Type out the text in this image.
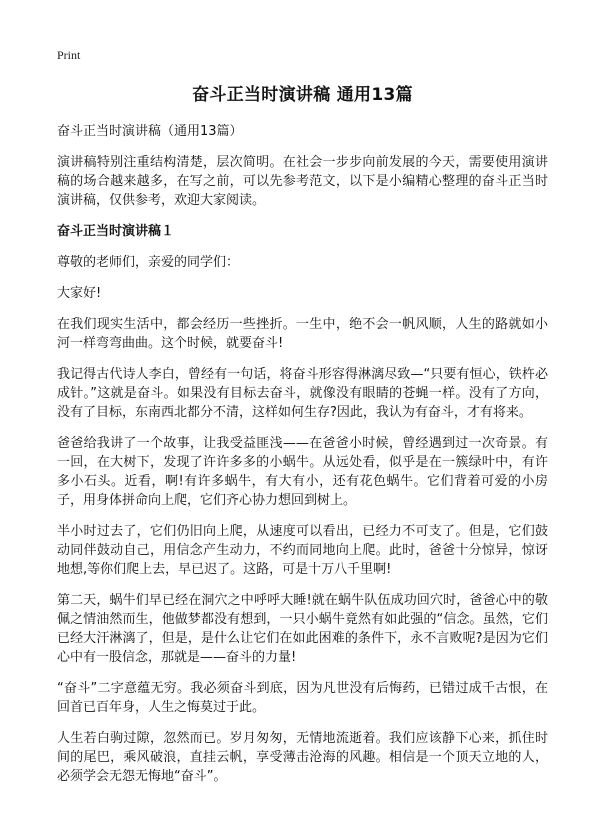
Print
奋斗正当时演讲稿 通用13篇

奋斗正当时演讲稿（通用13篇）

演讲稿特别注重结构清楚，层次简明。在社会一步步向前发展的今天，需要使用演讲稿的场合越来越多，在写之前，可以先参考范文，以下是小编精心整理的奋斗正当时演讲稿，仅供参考，欢迎大家阅读。

奋斗正当时演讲稿１

尊敬的老师们，亲爱的同学们：

大家好!

在我们现实生活中，都会经历一些挫折。一生中，绝不会一帆风顺，人生的路就如小河一样弯弯曲曲。这个时候，就要奋斗!

我记得古代诗人李白，曾经有一句话，将奋斗形容得淋漓尽致—“只要有恒心，铁杵必成针。”这就是奋斗。如果没有目标去奋斗，就像没有眼睛的苍蝇一样。没有了方向，没有了目标，东南西北都分不清，这样如何生存?因此，我认为有奋斗，才有将来。

爸爸给我讲了一个故事，让我受益匪浅——在爸爸小时候，曾经遇到过一次奇景。有一回，在大树下，发现了许许多多的小蜗牛。从远处看，似乎是在一簇绿叶中，有许多小石头。近看，啊!有许多蜗牛，有大有小，还有花色蜗牛。它们背着可爱的小房子，用身体拼命向上爬，它们齐心协力想回到树上。

半小时过去了，它们仍旧向上爬，从速度可以看出，已经力不可支了。但是，它们鼓动同伴鼓动自己，用信念产生动力，不约而同地向上爬。此时，爸爸十分惊异，惊讶地想,等你们爬上去，早已迟了。这路，可是十万八千里啊!

第二天，蜗牛们早已经在洞穴之中呼呼大睡!就在蜗牛队伍成功回穴时，爸爸心中的敬佩之情油然而生，他做梦都没有想到，一只小蜗牛竟然有如此强的“信念。虽然，它们已经大汗淋漓了，但是，是什么让它们在如此困难的条件下，永不言败呢?是因为它们心中有一股信念，那就是——奋斗的力量!

“奋斗”二字意蕴无穷。我必须奋斗到底，因为凡世没有后悔药，已错过成千古恨，在回首已百年身，人生之悔莫过于此。

人生若白驹过隙，忽然而已。岁月匆匆，无情地流逝着。我们应该静下心来，抓住时间的尾巴，乘风破浪，直挂云帆，享受薄击沧海的风趣。相信是一个顶天立地的人，必须学会无怨无悔地“奋斗”。
